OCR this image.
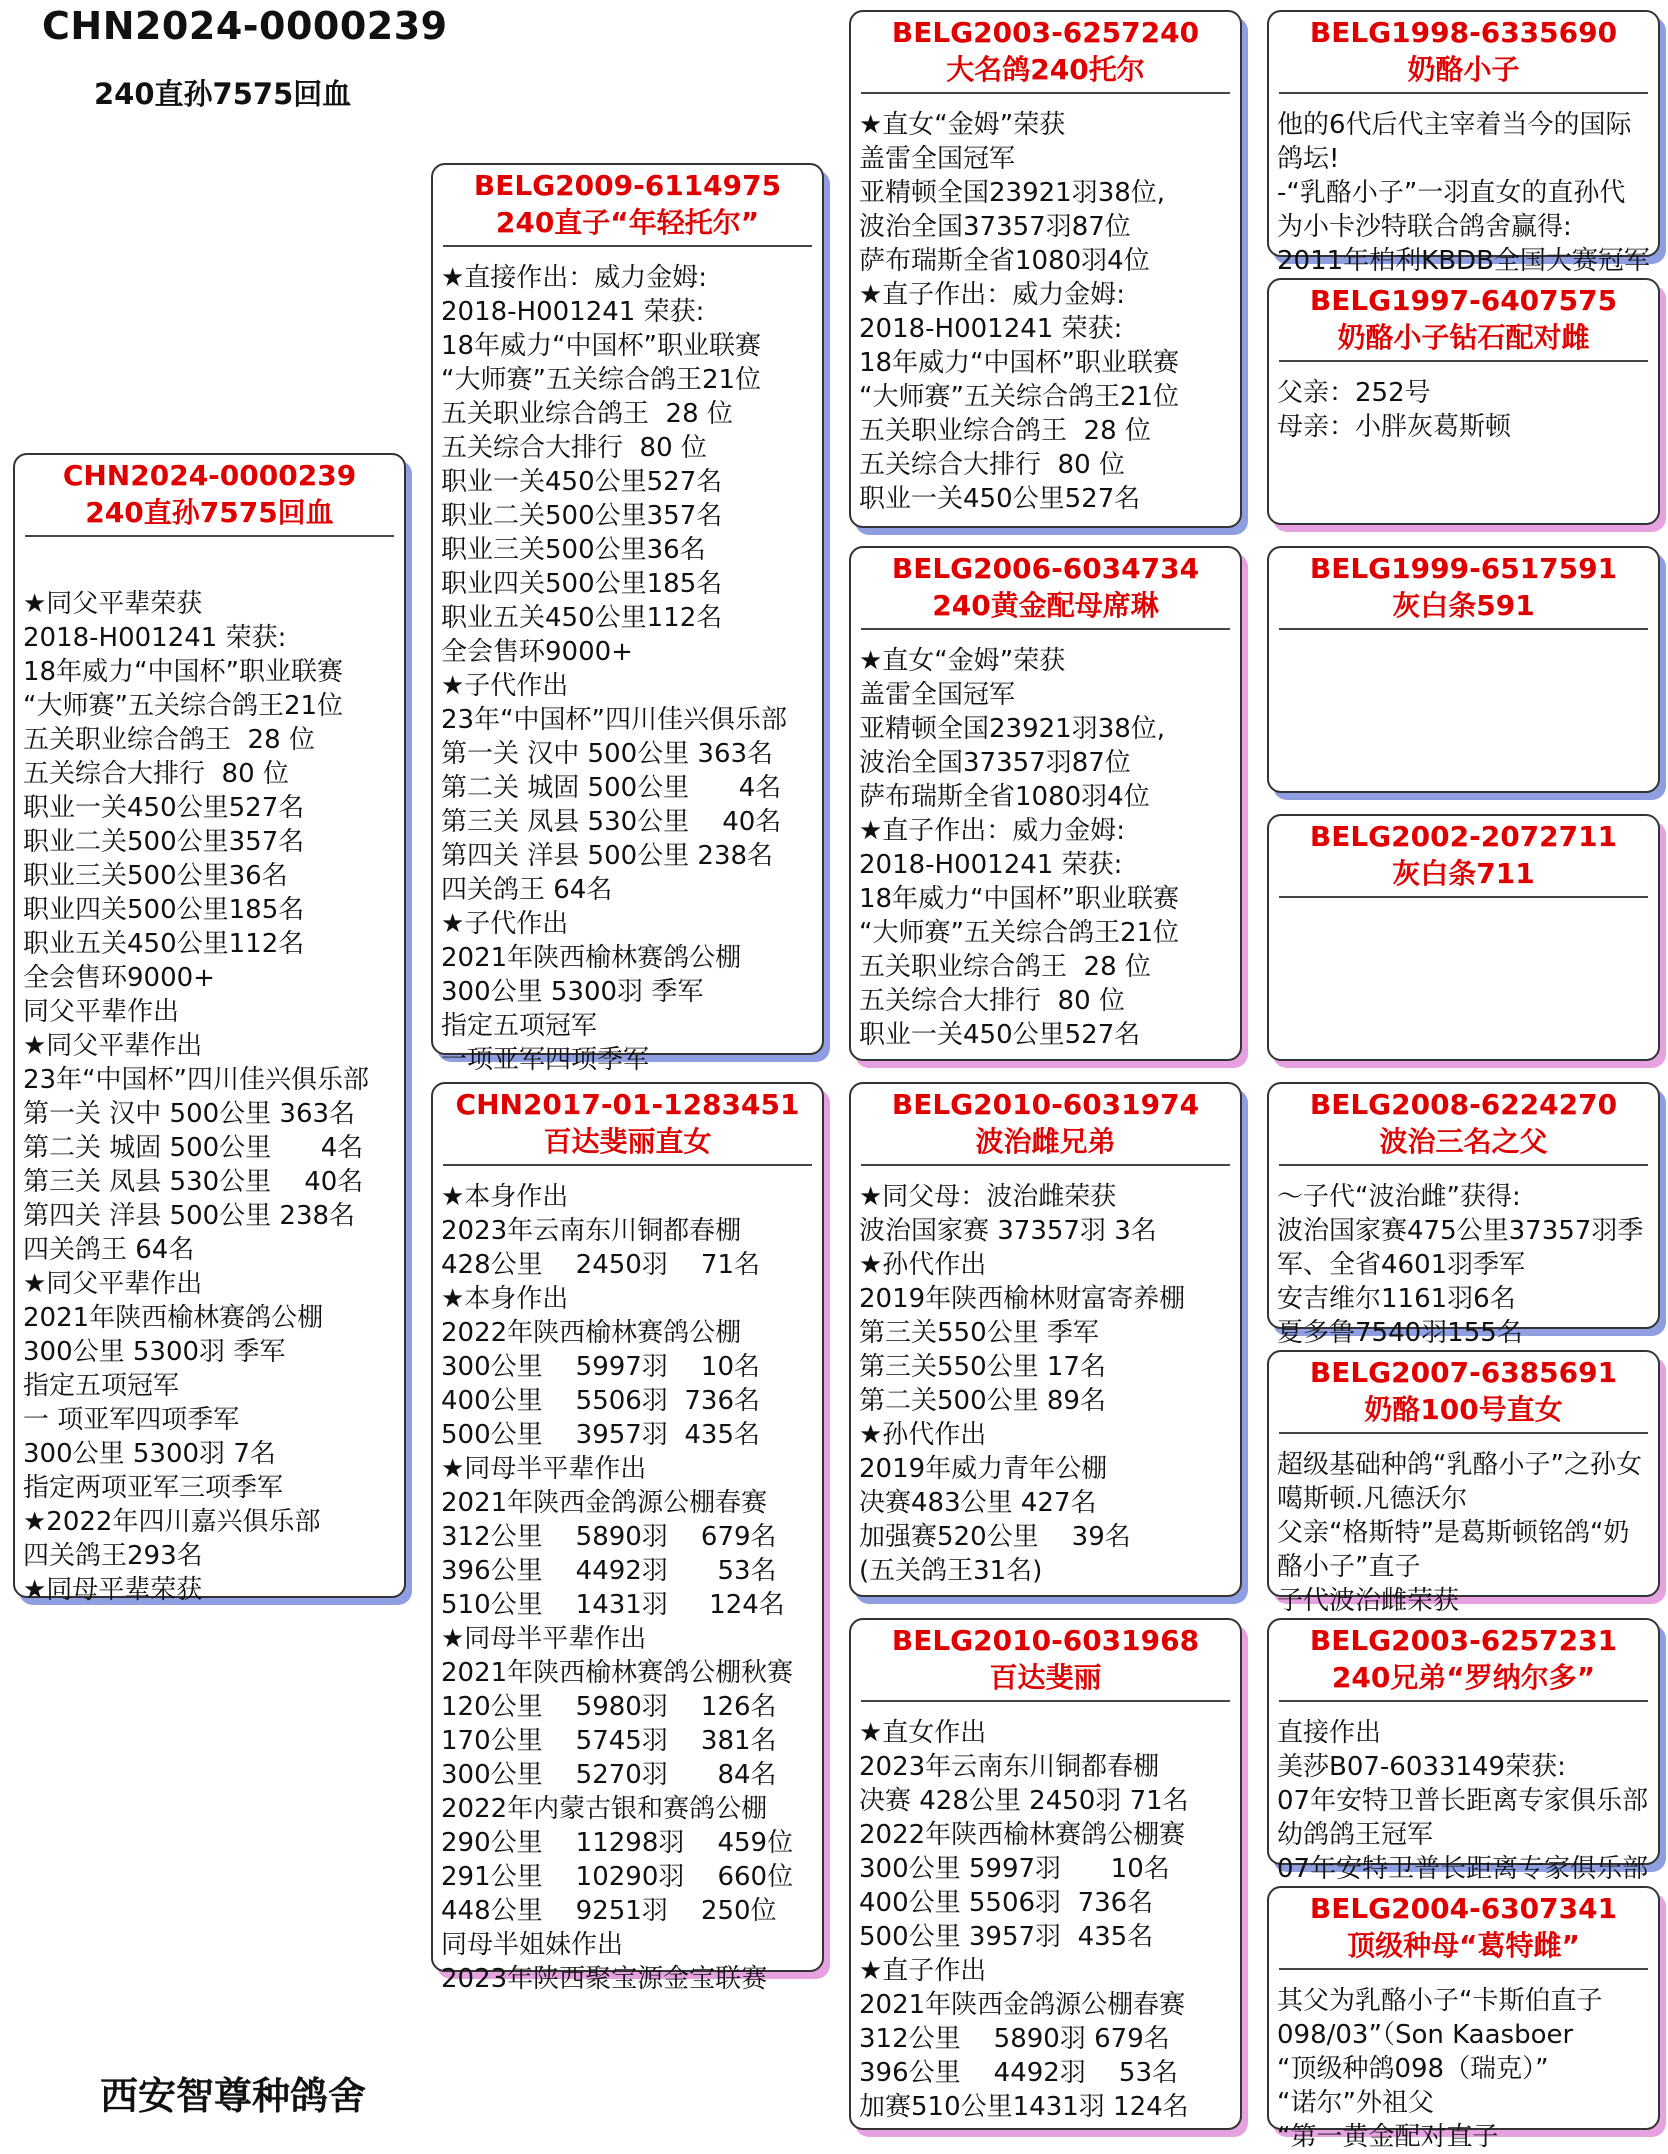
CHN2024-0000239
240直孙7575回血
CHN2024-0000239
240直孙7575回血
★同父平辈荣获
2018-H001241 荣获:
18年威力“中国杯”职业联赛
“大师赛”五关综合鸽王21位
五关职业综合鸽王  28 位
五关综合大排行  80 位
职业一关450公里527名
职业二关500公里357名
职业三关500公里36名
职业四关500公里185名
职业五关450公里112名
全会售环9000+
同父平辈作出
★同父平辈作出
23年“中国杯”四川佳兴俱乐部
第一关 汉中 500公里 363名
第二关 城固 500公里      4名
第三关 凤县 530公里    40名
第四关 洋县 500公里 238名
四关鸽王 64名
★同父平辈作出
2021年陕西榆林赛鸽公棚
300公里 5300羽 季军
指定五项冠军
一 项亚军四项季军
300公里 5300羽 7名
指定两项亚军三项季军
★2022年四川嘉兴俱乐部
四关鸽王293名
★同母平辈荣获
BELG2009-6114975
240直子“年轻托尔”
★直接作出：威力金姆:
2018-H001241 荣获:
18年威力“中国杯”职业联赛
“大师赛”五关综合鸽王21位
五关职业综合鸽王  28 位
五关综合大排行  80 位
职业一关450公里527名
职业二关500公里357名
职业三关500公里36名
职业四关500公里185名
职业五关450公里112名
全会售环9000+
★子代作出
23年“中国杯”四川佳兴俱乐部
第一关 汉中 500公里 363名
第二关 城固 500公里      4名
第三关 凤县 530公里    40名
第四关 洋县 500公里 238名
四关鸽王 64名
★子代作出
2021年陕西榆林赛鸽公棚
300公里 5300羽 季军
指定五项冠军
一项亚军四项季军
CHN2017-01-1283451
百达斐丽直女
★本身作出
2023年云南东川铜都春棚
428公里    2450羽    71名
★本身作出
2022年陕西榆林赛鸽公棚
300公里    5997羽    10名
400公里    5506羽  736名
500公里    3957羽  435名
★同母半平辈作出
2021年陕西金鸽源公棚春赛
312公里    5890羽    679名
396公里    4492羽      53名
510公里    1431羽     124名
★同母半平辈作出
2021年陕西榆林赛鸽公棚秋赛
120公里    5980羽    126名
170公里    5745羽    381名
300公里    5270羽      84名
2022年内蒙古银和赛鸽公棚
290公里    11298羽    459位
291公里    10290羽    660位
448公里    9251羽    250位
同母半姐妹作出
2023年陕西聚宝源金宝联赛
BELG2003-6257240
大名鸽240托尔
★直女“金姆”荣获
盖雷全国冠军
亚精顿全国23921羽38位,
波治全国37357羽87位
萨布瑞斯全省1080羽4位
★直子作出：威力金姆:
2018-H001241 荣获:
18年威力“中国杯”职业联赛
“大师赛”五关综合鸽王21位
五关职业综合鸽王  28 位
五关综合大排行  80 位
职业一关450公里527名
BELG2006-6034734
240黄金配母席琳
★直女“金姆”荣获
盖雷全国冠军
亚精顿全国23921羽38位,
波治全国37357羽87位
萨布瑞斯全省1080羽4位
★直子作出：威力金姆:
2018-H001241 荣获:
18年威力“中国杯”职业联赛
“大师赛”五关综合鸽王21位
五关职业综合鸽王  28 位
五关综合大排行  80 位
职业一关450公里527名
BELG2010-6031974
波治雌兄弟
★同父母：波治雌荣获
波治国家赛 37357羽 3名
★孙代作出
2019年陕西榆林财富寄养棚
第三关550公里 季军
第三关550公里 17名
第二关500公里 89名
★孙代作出
2019年威力青年公棚
决赛483公里 427名
加强赛520公里    39名
(五关鸽王31名)
BELG2010-6031968
百达斐丽
★直女作出
2023年云南东川铜都春棚
决赛 428公里 2450羽 71名
2022年陕西榆林赛鸽公棚赛
300公里 5997羽      10名
400公里 5506羽  736名
500公里 3957羽  435名
★直子作出
2021年陕西金鸽源公棚春赛
312公里    5890羽 679名
396公里    4492羽    53名
加赛510公里1431羽 124名
BELG1998-6335690
奶酪小子
他的6代后代主宰着当今的国际鸽坛!
-“乳酪小子”一羽直女的直孙代为小卡沙特联合鸽舍赢得:
2011年柏利KBDB全国大赛冠军
BELG1997-6407575
奶酪小子钻石配对雌
父亲：252号
母亲：小胖灰葛斯顿
BELG1999-6517591
灰白条591
BELG2002-2072711
灰白条711
BELG2008-6224270
波治三名之父
～子代“波治雌”获得:
波治国家赛475公里37357羽季军、全省4601羽季军
安吉维尔1161羽6名
夏多鲁7540羽155名
BELG2007-6385691
奶酪100号直女
超级基础种鸽“乳酪小子”之孙女噶斯顿.凡德沃尔
父亲“格斯特”是葛斯顿铭鸽“奶酪小子”直子
子代波治雌荣获
BELG2003-6257231
240兄弟“罗纳尔多”
直接作出
美莎B07-6033149荣获:
07年安特卫普长距离专家俱乐部幼鸽鸽王冠军
07年安特卫普长距离专家俱乐部
BELG2004-6307341
顶级种母“葛特雌”
其父为乳酪小子“卡斯伯直子098/03”（Son Kaasboer
“顶级种鸽098（瑞克）”
“诺尔”外祖父
“第一黄金配对直子
西安智尊种鸽舍
